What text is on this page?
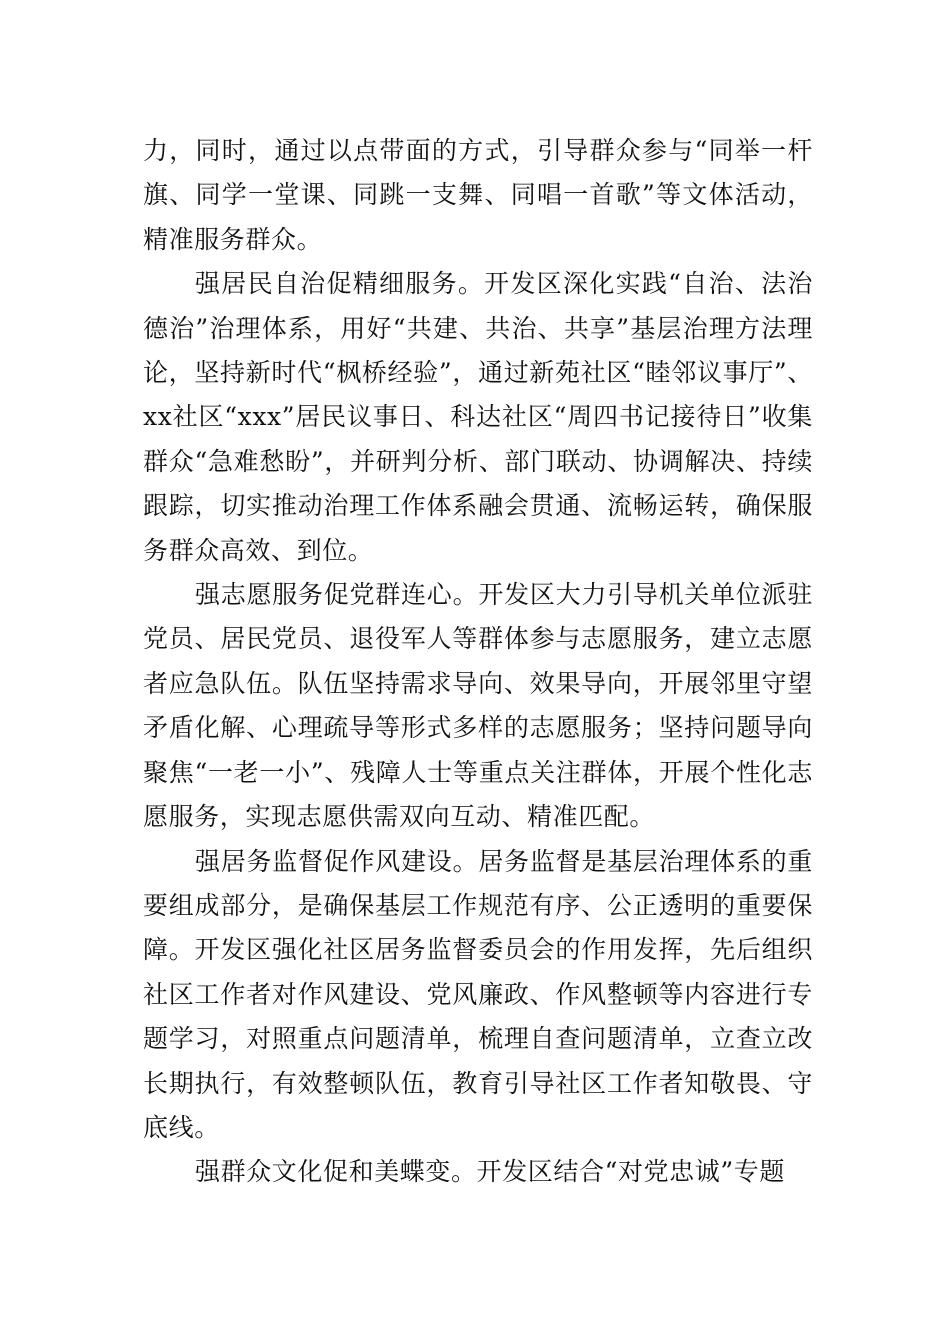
力，同时，通过以点带面的方式，引导群众参与“同举一杆旗、同学一堂课、同跳一支舞、同唱一首歌”等文体活动，精准服务群众。

强居民自治促精细服务。开发区深化实践“自治、法治德治”治理体系，用好“共建、共治、共享”基层治理方法理论，坚持新时代“枫桥经验”，通过新苑社区“睦邻议事厅”、xx社区“xxx”居民议事日、科达社区“周四书记接待日”收集群众“急难愁盼”，并研判分析、部门联动、协调解决、持续跟踪，切实推动治理工作体系融会贯通、流畅运转，确保服务群众高效、到位。

强志愿服务促党群连心。开发区大力引导机关单位派驻党员、居民党员、退役军人等群体参与志愿服务，建立志愿者应急队伍。队伍坚持需求导向、效果导向，开展邻里守望矛盾化解、心理疏导等形式多样的志愿服务；坚持问题导向聚焦“一老一小”、残障人士等重点关注群体，开展个性化志愿服务，实现志愿供需双向互动、精准匹配。

强居务监督促作风建设。居务监督是基层治理体系的重要组成部分，是确保基层工作规范有序、公正透明的重要保障。开发区强化社区居务监督委员会的作用发挥，先后组织社区工作者对作风建设、党风廉政、作风整顿等内容进行专题学习，对照重点问题清单，梳理自查问题清单，立查立改长期执行，有效整顿队伍，教育引导社区工作者知敬畏、守底线。

强群众文化促和美蝶变。开发区结合“对党忠诚”专题
